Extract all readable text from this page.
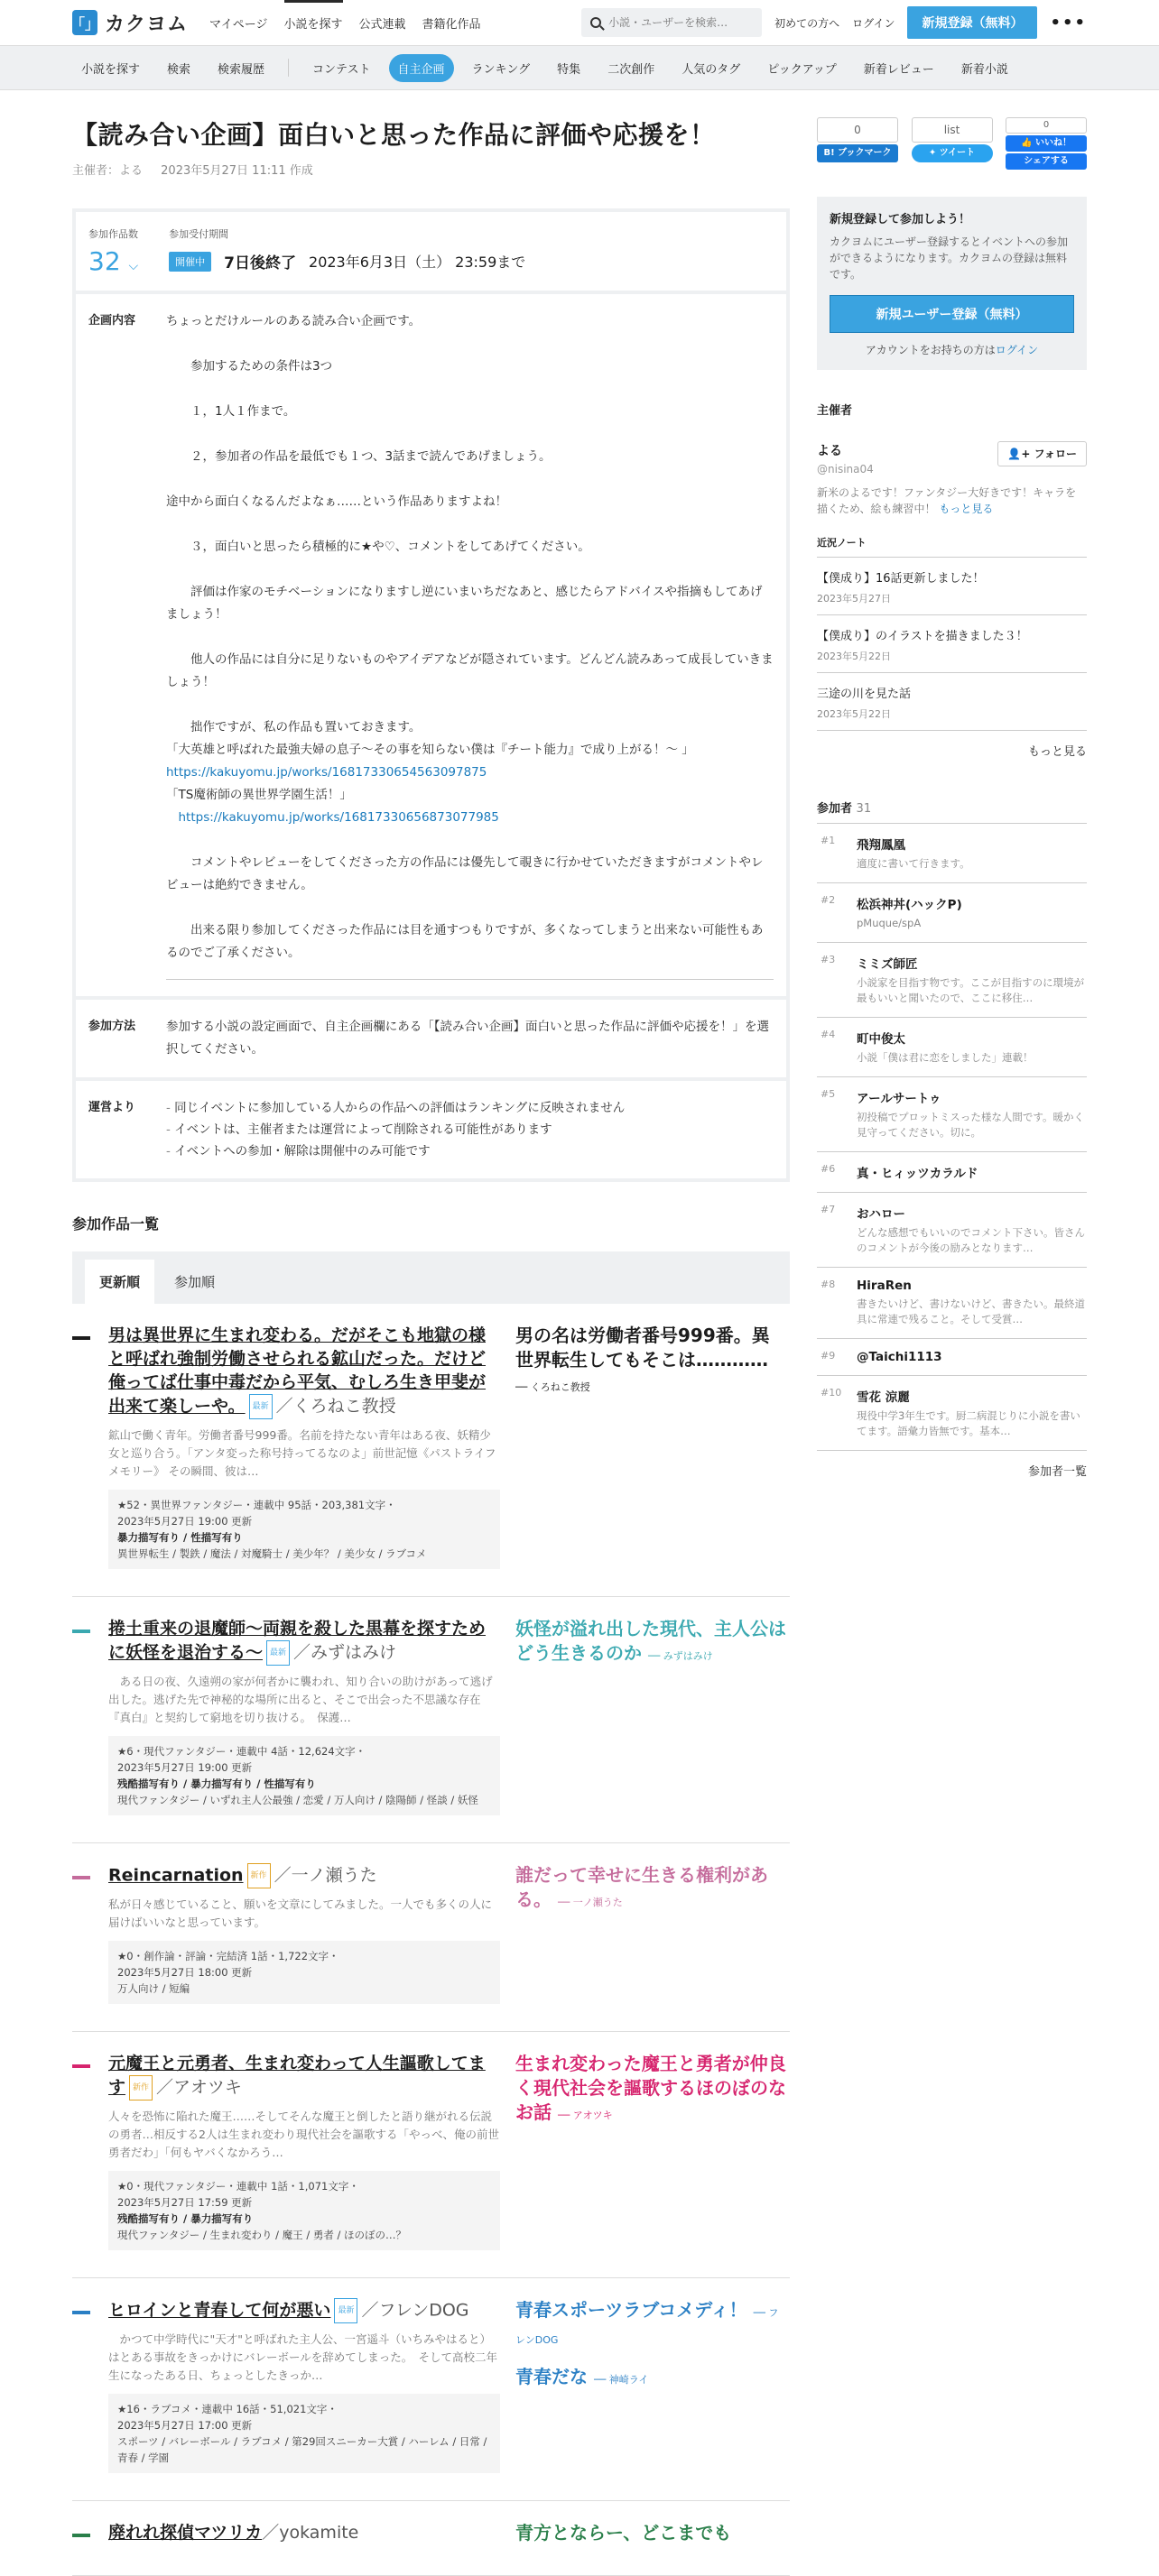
「」 カクヨム マイページ 小説を探す 公式連載 書籍化作品
小説・ユーザーを検索…	初めての方へ ログイン	新規登録（無料）	•••
小説を探す	検索	検索履歴	コンテスト	自主企画	ランキング	特集	二次創作	人気のタグ	ピックアップ	新着レビュー	新着小説
【読み合い企画】面白いと思った作品に評価や応援を！
主催者：よる 2023年5月27日 11:11 作成
参加作品数
32 ⌵
参加受付期間
開催中	7日後終了 2023年6月3日（土） 23:59まで
企画内容	ちょっとだけルールのある読み合い企画です。

　　参加するための条件は3つ

　　１，1人１作まで。

　　２，参加者の作品を最低でも１つ、3話まで読んであげましょう。

途中から面白くなるんだよなぁ……という作品ありますよね！

　　３，面白いと思ったら積極的に★や♡、コメントをしてあげてください。

　　評価は作家のモチベーションになりますし逆にいまいちだなあと、感じたらアドバイスや指摘もしてあげましょう！

　　他人の作品には自分に足りないものやアイデアなどが隠されています。どんどん読みあって成長していきましょう！

　　拙作ですが、私の作品も置いておきます。

「大英雄と呼ばれた最強夫婦の息子～その事を知らない僕は『チート能力』で成り上がる！～ 」

https://kakuyomu.jp/works/16817330654563097875

「TS魔術師の異世界学園生活！」

　https://kakuyomu.jp/works/16817330656873077985

　　コメントやレビューをしてくださった方の作品には優先して覗きに行かせていただきますがコメントやレビューは絶約できません。

　　出来る限り参加してくださった作品には目を通すつもりですが、多くなってしまうと出来ない可能性もあるのでご了承ください。

参加方法	参加する小説の設定画面で、自主企画欄にある「【読み合い企画】面白いと思った作品に評価や応援を！」を選択してください。
運営より
-	同じイベントに参加している人からの作品への評価はランキングに反映されません
- イベントは、主催者または運営によって削除される可能性があります
- イベントへの参加・解除は開催中のみ可能です
参加作品一覧
更新順	参加順
男は異世界に生まれ変わる。だがそこも地獄の様と呼ばれ強制労働させられる鉱山だった。だけど俺ってば仕事中毒だから平気、むしろ生き甲斐が出来て楽しーや。 最新 ／くろねこ教授
鉱山で働く青年。労働者番号999番。名前を持たない青年はある夜、妖精少女と巡り合う。「アンタ変った称号持ってるなのよ」前世記憶《パストライフメモリー》 その瞬間、彼は…
★52・異世界ファンタジー・連載中 95話・203,381文字・
2023年5月27日 19:00 更新
暴力描写有り / 性描写有り
異世界転生 / 製鉄 / 魔法 / 対魔騎士 / 美少年？ / 美少女 / ラブコメ
男の名は労働者番号999番。異世界転生してもそこは………… ── くろねこ教授
捲土重来の退魔師〜両親を殺した黒幕を探すために妖怪を退治する〜 最新 ／みずはみけ
　ある日の夜、久遠朔の家が何者かに襲われ、知り合いの助けがあって逃げ出した。逃げた先で神秘的な場所に出ると、そこで出会った不思議な存在『真白』と契約して窮地を切り抜ける。　保護…
★6・現代ファンタジー・連載中 4話・12,624文字・
2023年5月27日 19:00 更新
残酷描写有り / 暴力描写有り / 性描写有り
現代ファンタジー / いずれ主人公最強 / 恋愛 / 万人向け / 陰陽師 / 怪談 / 妖怪
妖怪が溢れ出した現代、主人公はどう生きるのか ── みずはみけ
Reincarnation 新作 ／一ノ瀬うた
私が日々感じていること、願いを文章にしてみました。一人でも多くの人に届けばいいなと思っています。
★0・創作論・評論・完結済 1話・1,722文字・
2023年5月27日 18:00 更新
万人向け / 短編
誰だって幸せに生きる権利がある。 ── 一ノ瀬うた
元魔王と元勇者、生まれ変わって人生謳歌してます 新作 ／アオツキ
人々を恐怖に陥れた魔王……そしてそんな魔王と倒したと語り継がれる伝説の勇者…相反する2人は生まれ変わり現代社会を謳歌する「やっべ、俺の前世勇者だわ」「何もヤバくなかろう…
★0・現代ファンタジー・連載中 1話・1,071文字・
2023年5月27日 17:59 更新
残酷描写有り / 暴力描写有り
現代ファンタジー / 生まれ変わり / 魔王 / 勇者 / ほのぼの…？
生まれ変わった魔王と勇者が仲良く現代社会を謳歌するほのぼのなお話 ── アオツキ
ヒロインと青春して何が悪い 最新 ／フレンDOG
　かつて中学時代に"天才"と呼ばれた主人公、一宮遥斗（いちみやはると）はとある事故をきっかけにバレーボールを辞めてしまった。　そして高校二年生になったある日、ちょっとしたきっか…
★16・ラブコメ・連載中 16話・51,021文字・
2023年5月27日 17:00 更新
スポーツ / バレーボール / ラブコメ / 第29回スニーカー大賞 / ハーレム / 日常 / 青春 / 学園
青春スポーツラブコメディ！ ── フレンDOG
青春だな ── 神崎ライ
廃れれ探偵マツリカ／yokamite	青方とならー、どこまでも
0
B! ブックマーク
list
✦ ツイート
0
👍 いいね！
シェアする
新規登録して参加しよう！

カクヨムにユーザー登録するとイベントへの参加ができるようになります。カクヨムの登録は無料です。

新規ユーザー登録（無料）
アカウントをお持ちの方はログイン
主催者
よる
@nisina04
👤+ フォロー
新米のよるです！ファンタジー大好きです！キャラを描くため、絵も練習中！ もっと見る
近況ノート
【僕成り】16話更新しました！
2023年5月27日
【僕成り】のイラストを描きました３！
2023年5月22日
三途の川を見た話
2023年5月22日
もっと見る
参加者 31
#1	飛翔鳳凰
適度に書いて行きます。
#2	松浜神丼(ハックP)
pMuque/spA
#3	ミミズ師匠
小説家を目指す物です。ここが目指すのに環境が最もいいと聞いたので、ここに移住…
#4	町中俊太
小説「僕は君に恋をしました」連載！
#5	アールサートゥ
初投稿でプロットミスった様な人間です。暖かく見守ってください。切に。
#6	真・ヒィッツカラルド
#7	おハロー
どんな感想でもいいのでコメント下さい。皆さんのコメントが今後の励みとなります…
#8	HiraRen
書きたいけど、書けないけど、書きたい。最終道具に常連で残ること。そして受賞…
#9	@Taichi1113
#10	雪花 涼麗
現役中学3年生です。厨二病混じりに小説を書いてます。語彙力皆無です。基本…
参加者一覧
